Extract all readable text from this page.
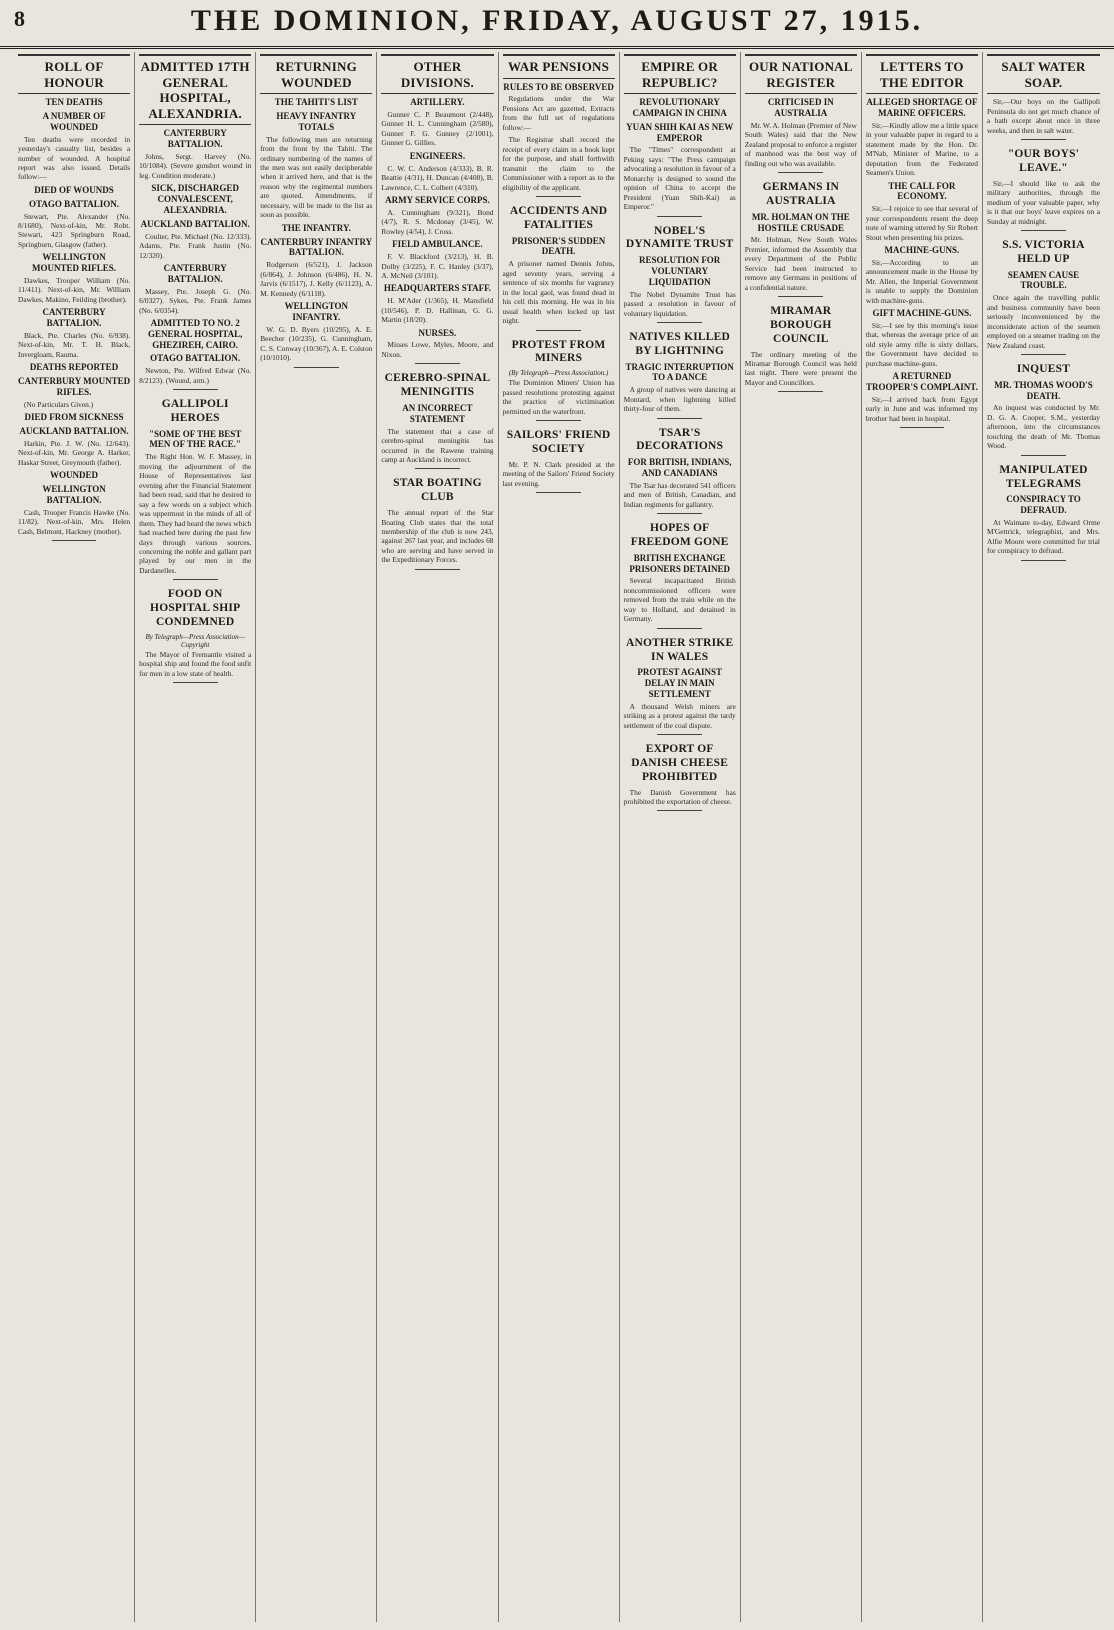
8	THE DOMINION, FRIDAY, AUGUST 27, 1915.
ROLL OF HONOUR
TEN DEATHS
A NUMBER OF WOUNDED

Ten deaths were recorded in yesterday's casualty list, besides a number of wounded. A hospital report was also issued. Details follow:—

DIED OF WOUNDS
OTAGO BATTALION.

Stewart, Pte. Alexander (No. 8/1680), Next-of-kin, Mr. Robt. Stewart, 423 Springburn Road, Springburn, Glasgow (father).

WELLINGTON MOUNTED RIFLES.

Dawkes, Trooper William (No. 11/411). Next-of-kin, Mr. William Dawkes, Makino, Feilding (brother).

CANTERBURY BATTALION.

Black, Pte. Charles (No. 6/938). Next-of-kin, Mr. T. H. Black, Invergloam, Rauma.

DEATHS REPORTED
CANTERBURY MOUNTED RIFLES.

(No Particulars Given.)

DIED FROM SICKNESS
AUCKLAND BATTALION.

Harkin, Pte. J. W. (No. 12/643). Next-of-kin, Mr. George A. Harker, Haskar Street, Greymouth (father).

WOUNDED
WELLINGTON BATTALION.

Cash, Trooper Francis Hawke (No. 11/82). Next-of-kin, Mrs. Helen Cash, Belmont, Hackney (mother).

ADMITTED 17TH GENERAL HOSPITAL, ALEXANDRIA.
CANTERBURY BATTALION.

Johns, Sergt. Harvey (No. 10/1084). (Severe gunshot wound in leg. Condition moderate.)

SICK, DISCHARGED CONVALESCENT, ALEXANDRIA.
AUCKLAND BATTALION.

Coulter, Pte. Michael (No. 12/333). Adams, Pte. Frank Justin (No. 12/320).

CANTERBURY BATTALION.

Massey, Pte. Joseph G. (No. 6/0327). Sykes, Pte. Frank James (No. 6/0354).

ADMITTED TO NO. 2 GENERAL HOSPITAL, GHEZIREH, CAIRO.
OTAGO BATTALION.

Newton, Pte. Wilfred Edwar (No. 8/2123). (Wound, arm.)

GALLIPOLI HEROES
"SOME OF THE BEST MEN OF THE RACE."

The Right Hon. W. F. Massey, in moving the adjournment of the House of Representatives last evening after the Financial Statement had been read, said that he desired to say a few words on a subject which was uppermost in the minds of all of them. They had heard the news which had reached here during the past few days through various sources, concerning the noble and gallant part played by our men in the Dardanelles.

FOOD ON HOSPITAL SHIP CONDEMNED
By Telegraph—Press Association—Copyright

The Mayor of Fremantle visited a hospital ship and found the food unfit for men in a low state of health.

RETURNING WOUNDED
THE TAHITI'S LIST
HEAVY INFANTRY TOTALS

The following men are returning from the front by the Tahiti. The ordinary numbering of the names of the men was not easily decipherable when it arrived here, and that is the reason why the regimental numbers are quoted. Amendments, if necessary, will be made to the list as soon as possible.

THE INFANTRY.
CANTERBURY INFANTRY BATTALION.

Rodgerson (6/521), J. Jackson (6/864), J. Johnson (6/486), H. N. Jarvis (6/1517), J. Kelly (6/1123), A. M. Kennedy (6/1118).

WELLINGTON INFANTRY.

W. G. D. Byers (10/295), A. E. Beecher (10/235), G. Cunningham, C. S. Conway (10/367), A. E. Colston (10/1010).

OTHER DIVISIONS.
ARTILLERY.

Gunner C. P. Beaumont (2/448), Gunner H. L. Cunningham (2/580), Gunner F. G. Gunney (2/1001), Gunner G. Gillies.

ENGINEERS.

C. W. C. Anderson (4/333), B. R. Beattie (4/31), H. Duncan (4/408), B. Lawrence, C. L. Colbert (4/310).

ARMY SERVICE CORPS.

A. Cunningham (9/321), Bond (4/7), R. S. Mcdonay (3/45), W. Rowley (4/54), J. Cross.

FIELD AMBULANCE.

F. V. Blackford (3/213), H. B. Dolby (3/225), F. C. Hanley (3/37), A. McNeil (3/101).

HEADQUARTERS STAFF.

H. M'Ader (1/365), H. Mansfield (10/546), P. D. Hallinan, G. G. Martin (18/20).

NURSES.

Misses Lowe, Myles, Moore, and Nixon.

CEREBRO-SPINAL MENINGITIS
AN INCORRECT STATEMENT

The statement that a case of cerebro-spinal meningitis has occurred in the Rawene training camp at Auckland is incorrect.

STAR BOATING CLUB

The annual report of the Star Boating Club states that the total membership of the club is now 243, against 267 last year, and includes 68 who are serving and have served in the Expeditionary Forces.

WAR PENSIONS
RULES TO BE OBSERVED

Regulations under the War Pensions Act are gazetted. Extracts from the full set of regulations follow:—

The Registrar shall record the receipt of every claim in a book kept for the purpose, and shall forthwith transmit the claim to the Commissioner with a report as to the eligibility of the applicant.

ACCIDENTS AND FATALITIES
PRISONER'S SUDDEN DEATH.

A prisoner named Dennis Johns, aged seventy years, serving a sentence of six months for vagrancy in the local gaol, was found dead in his cell this morning. He was in his usual health when locked up last night.

PROTEST FROM MINERS
(By Telegraph—Press Association.)

The Dominion Miners' Union has passed resolutions protesting against the practice of victimisation permitted on the waterfront.

SAILORS' FRIEND SOCIETY

Mr. P. N. Clark presided at the meeting of the Sailors' Friend Society last evening.

EMPIRE OR REPUBLIC?
REVOLUTIONARY CAMPAIGN IN CHINA
YUAN SHIH KAI AS NEW EMPEROR

The "Times" correspondent at Peking says: "The Press campaign advocating a resolution in favour of a Monarchy is designed to sound the opinion of China to accept the President (Yuan Shih-Kai) as Emperor."

NOBEL'S DYNAMITE TRUST
RESOLUTION FOR VOLUNTARY LIQUIDATION

The Nobel Dynamite Trust has passed a resolution in favour of voluntary liquidation.

NATIVES KILLED BY LIGHTNING
TRAGIC INTERRUPTION TO A DANCE

A group of natives were dancing at Montard, when lightning killed thirty-four of them.

TSAR'S DECORATIONS
FOR BRITISH, INDIANS, AND CANADIANS

The Tsar has decorated 541 officers and men of British, Canadian, and Indian regiments for gallantry.

HOPES OF FREEDOM GONE
BRITISH EXCHANGE PRISONERS DETAINED

Several incapacitated British noncommissioned officers were removed from the train while on the way to Holland, and detained in Germany.

ANOTHER STRIKE IN WALES
PROTEST AGAINST DELAY IN MAIN SETTLEMENT

A thousand Welsh miners are striking as a protest against the tardy settlement of the coal dispute.

EXPORT OF DANISH CHEESE PROHIBITED

The Danish Government has prohibited the exportation of cheese.

OUR NATIONAL REGISTER
CRITICISED IN AUSTRALIA

Mr. W. A. Holman (Premier of New South Wales) said that the New Zealand proposal to enforce a register of manhood was the best way of finding out who was available.

GERMANS IN AUSTRALIA
MR. HOLMAN ON THE HOSTILE CRUSADE

Mr. Holman, New South Wales Premier, informed the Assembly that every Department of the Public Service had been instructed to remove any Germans in positions of a confidential nature.

MIRAMAR BOROUGH COUNCIL

The ordinary meeting of the Miramar Borough Council was held last night. There were present the Mayor and Councillors.

LETTERS TO THE EDITOR
ALLEGED SHORTAGE OF MARINE OFFICERS.

Sir,—Kindly allow me a little space in your valuable paper in regard to a statement made by the Hon. Dr. M'Nab, Minister of Marine, to a deputation from the Federated Seamen's Union.

THE CALL FOR ECONOMY.

Sir,—I rejoice to see that several of your correspondents resent the deep note of warning uttered by Sir Robert Stout when presenting his prizes.

MACHINE-GUNS.

Sir,—According to an announcement made in the House by Mr. Allen, the Imperial Government is unable to supply the Dominion with machine-guns.

GIFT MACHINE-GUNS.

Sir,—I see by this morning's issue that, whereas the average price of an old style army rifle is sixty dollars, the Government have decided to purchase machine-guns.

A RETURNED TROOPER'S COMPLAINT.

Sir,—I arrived back from Egypt early in June and was informed my brother had been in hospital.

SALT WATER SOAP.

Sir,—Our boys on the Gallipoli Peninsula do not get much chance of a bath except about once in three weeks, and then in salt water.

"OUR BOYS' LEAVE."

Sir,—I should like to ask the military authorities, through the medium of your valuable paper, why is it that our boys' leave expires on a Sunday at midnight.

S.S. VICTORIA HELD UP
SEAMEN CAUSE TROUBLE.

Once again the travelling public and business community have been seriously inconvenienced by the inconsiderate action of the seamen employed on a steamer trading on the New Zealand coast.

INQUEST
MR. THOMAS WOOD'S DEATH.

An inquest was conducted by Mr. D. G. A. Cooper, S.M., yesterday afternoon, into the circumstances touching the death of Mr. Thomas Wood.

MANIPULATED TELEGRAMS
CONSPIRACY TO DEFRAUD.

At Waimate to-day, Edward Orme M'Gettrick, telegraphist, and Mrs. Alfie Moore were committed for trial for conspiracy to defraud.
